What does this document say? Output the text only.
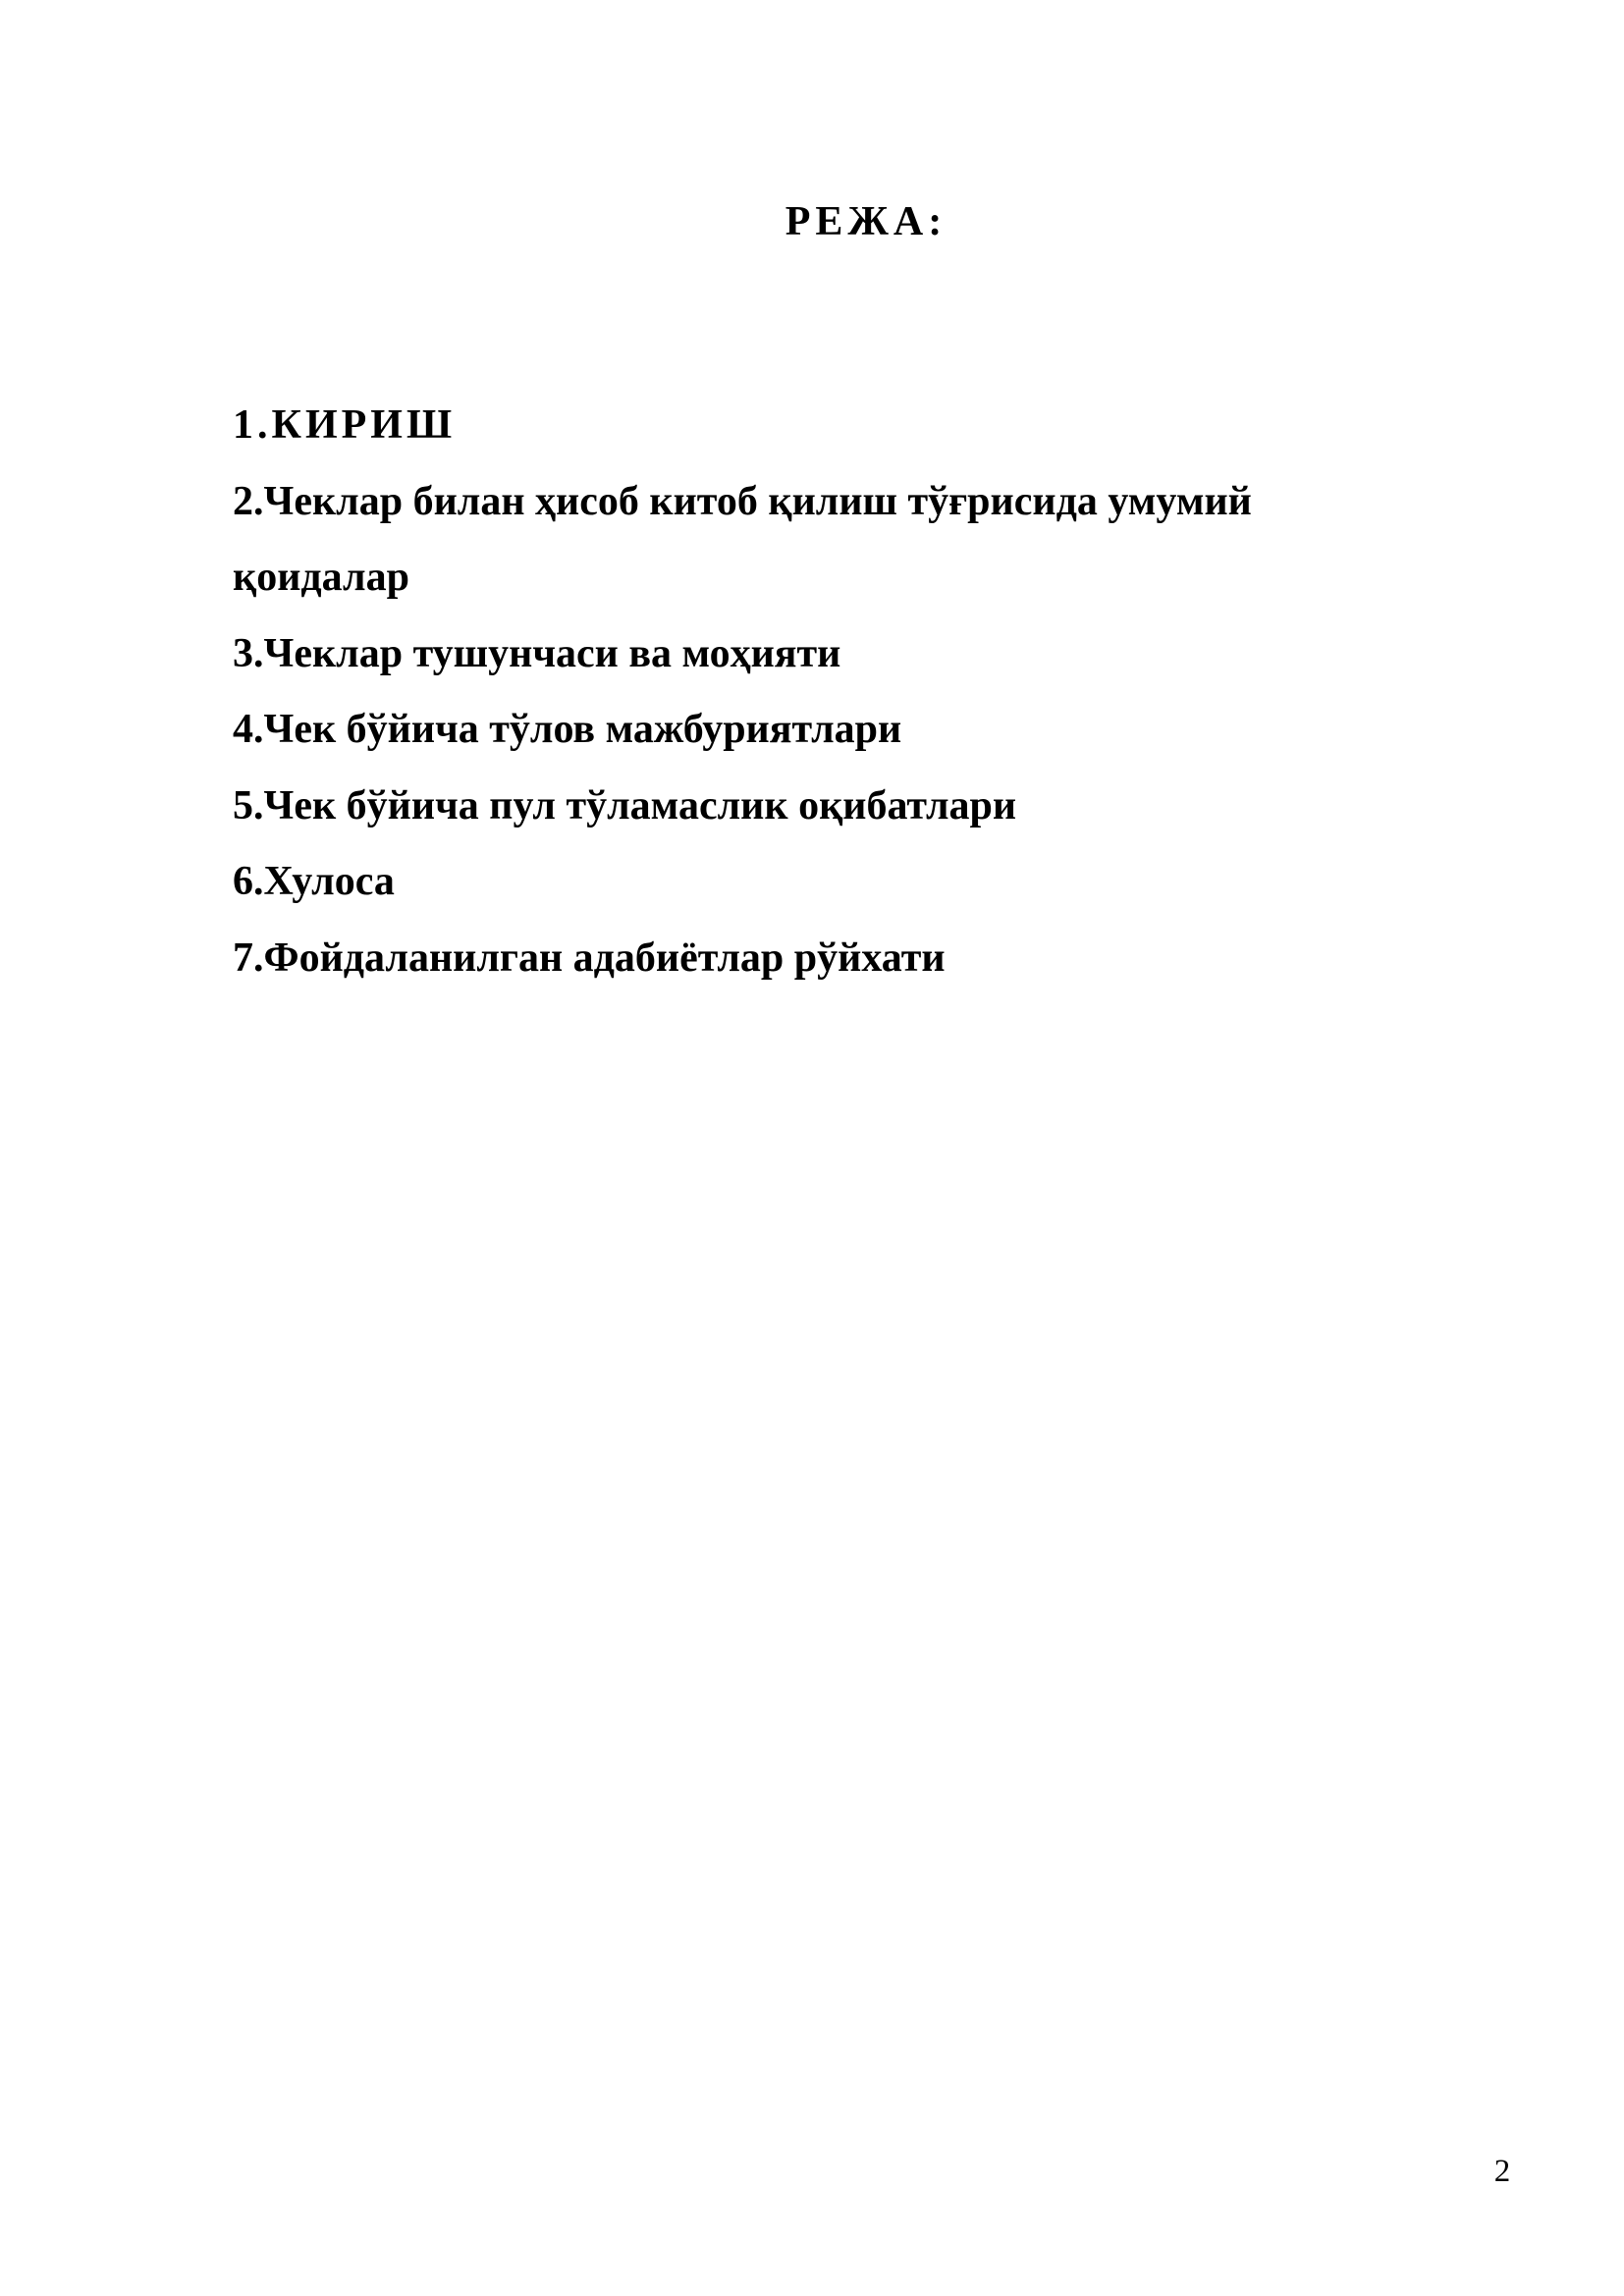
РЕЖА:
1.КИРИШ
2.Чеклар билан ҳисоб китоб қилиш тўғрисида умумий қоидалар
3.Чеклар тушунчаси ва моҳияти
4.Чек бўйича тўлов мажбуриятлари
5.Чек бўйича пул тўламаслик оқибатлари
6.Хулоса
7.Фойдаланилган адабиётлар рўйхати
2
